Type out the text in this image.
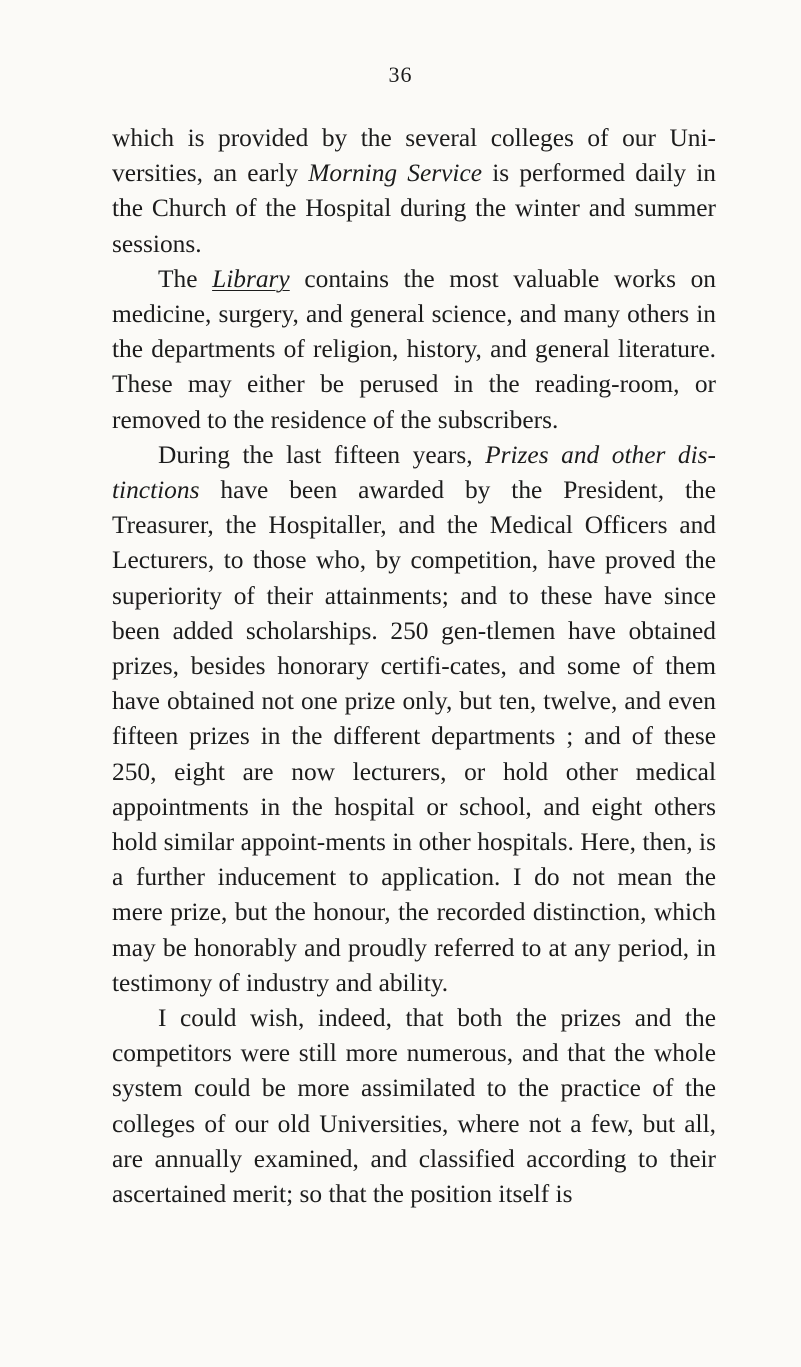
36

which is provided by the several colleges of our Uni-versities, an early Morning Service is performed daily in the Church of the Hospital during the winter and summer sessions.

The Library contains the most valuable works on medicine, surgery, and general science, and many others in the departments of religion, history, and general literature. These may either be perused in the reading-room, or removed to the residence of the subscribers.

During the last fifteen years, Prizes and other dis-tinctions have been awarded by the President, the Treasurer, the Hospitaller, and the Medical Officers and Lecturers, to those who, by competition, have proved the superiority of their attainments; and to these have since been added scholarships. 250 gen-tlemen have obtained prizes, besides honorary certifi-cates, and some of them have obtained not one prize only, but ten, twelve, and even fifteen prizes in the different departments ; and of these 250, eight are now lecturers, or hold other medical appointments in the hospital or school, and eight others hold similar appoint-ments in other hospitals. Here, then, is a further inducement to application. I do not mean the mere prize, but the honour, the recorded distinction, which may be honorably and proudly referred to at any period, in testimony of industry and ability.

I could wish, indeed, that both the prizes and the competitors were still more numerous, and that the whole system could be more assimilated to the practice of the colleges of our old Universities, where not a few, but all, are annually examined, and classified according to their ascertained merit; so that the position itself is
